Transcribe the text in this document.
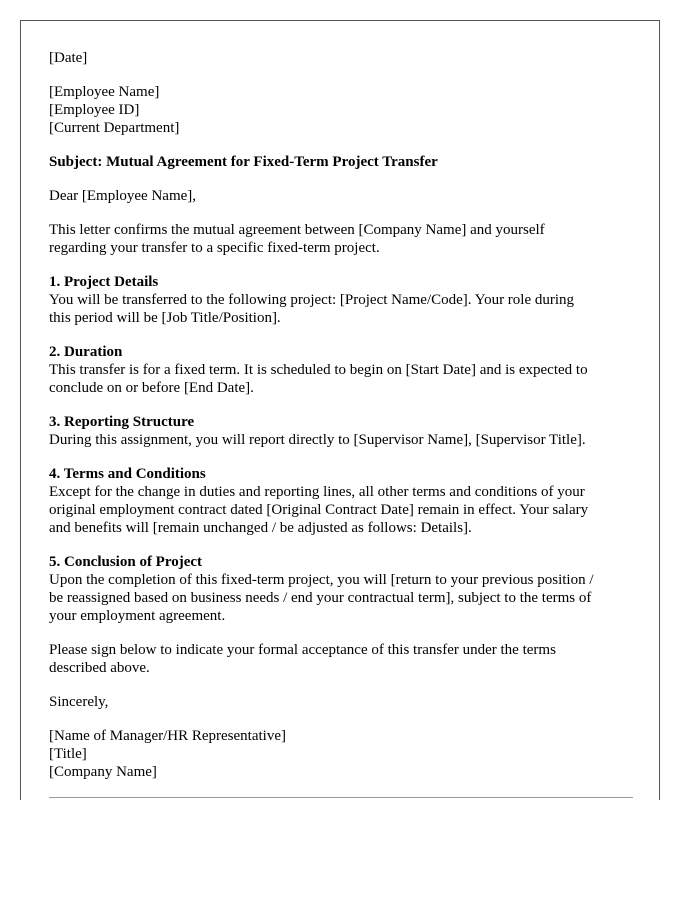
[Date]
[Employee Name]
[Employee ID]
[Current Department]
Subject: Mutual Agreement for Fixed-Term Project Transfer
Dear [Employee Name],
This letter confirms the mutual agreement between [Company Name] and yourself
regarding your transfer to a specific fixed-term project.
1. Project Details
You will be transferred to the following project: [Project Name/Code]. Your role during
this period will be [Job Title/Position].
2. Duration
This transfer is for a fixed term. It is scheduled to begin on [Start Date] and is expected to
conclude on or before [End Date].
3. Reporting Structure
During this assignment, you will report directly to [Supervisor Name], [Supervisor Title].
4. Terms and Conditions
Except for the change in duties and reporting lines, all other terms and conditions of your
original employment contract dated [Original Contract Date] remain in effect. Your salary
and benefits will [remain unchanged / be adjusted as follows: Details].
5. Conclusion of Project
Upon the completion of this fixed-term project, you will [return to your previous position /
be reassigned based on business needs / end your contractual term], subject to the terms of
your employment agreement.
Please sign below to indicate your formal acceptance of this transfer under the terms
described above.
Sincerely,
[Name of Manager/HR Representative]
[Title]
[Company Name]
